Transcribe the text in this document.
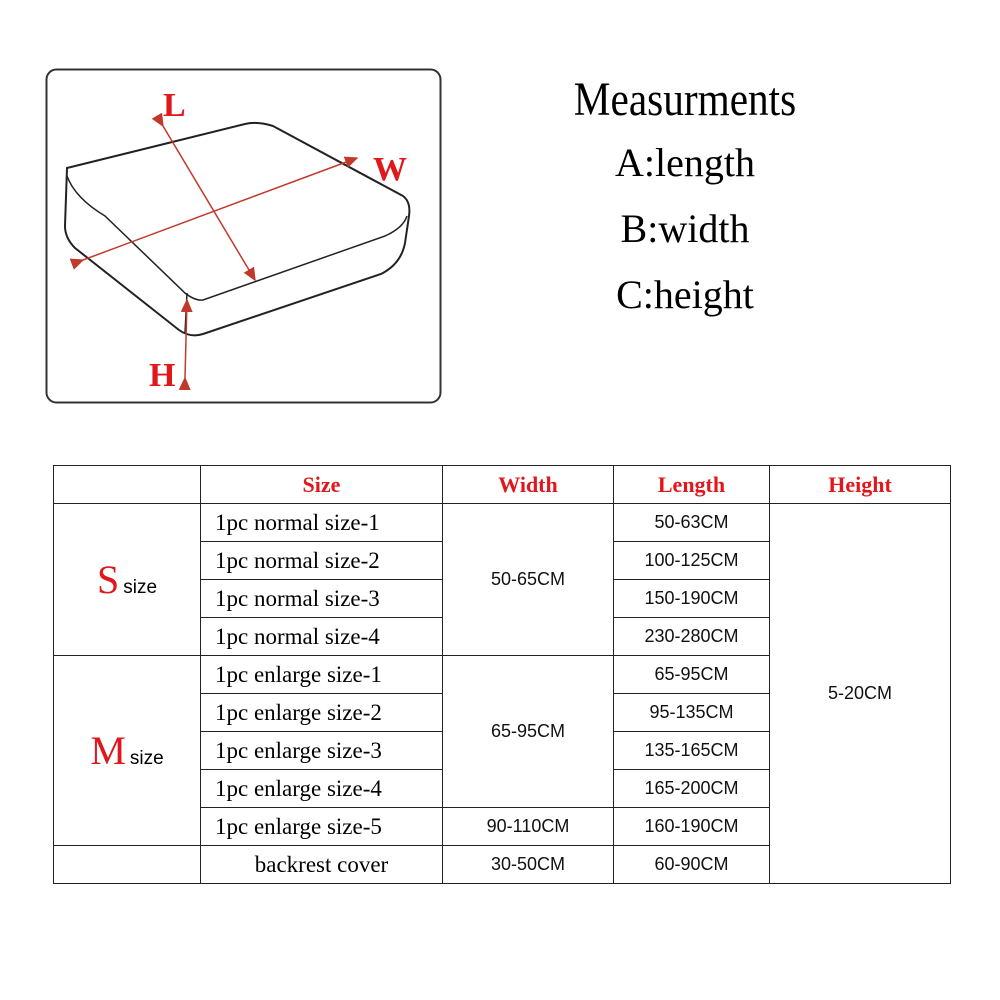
L
W
H
Measurments
A:length
B:width
C:height
	Size	Width	Length	Height
S size	1pc normal size-1	50-65CM	50-63CM	5-20CM
	1pc normal size-2		100-125CM	
	1pc normal size-3		150-190CM	
	1pc normal size-4		230-280CM	
M size	1pc enlarge size-1	65-95CM	65-95CM	
	1pc enlarge size-2		95-135CM	
	1pc enlarge size-3		135-165CM	
	1pc enlarge size-4		165-200CM	
	1pc enlarge size-5	90-110CM	160-190CM	
	backrest cover	30-50CM	60-90CM	
